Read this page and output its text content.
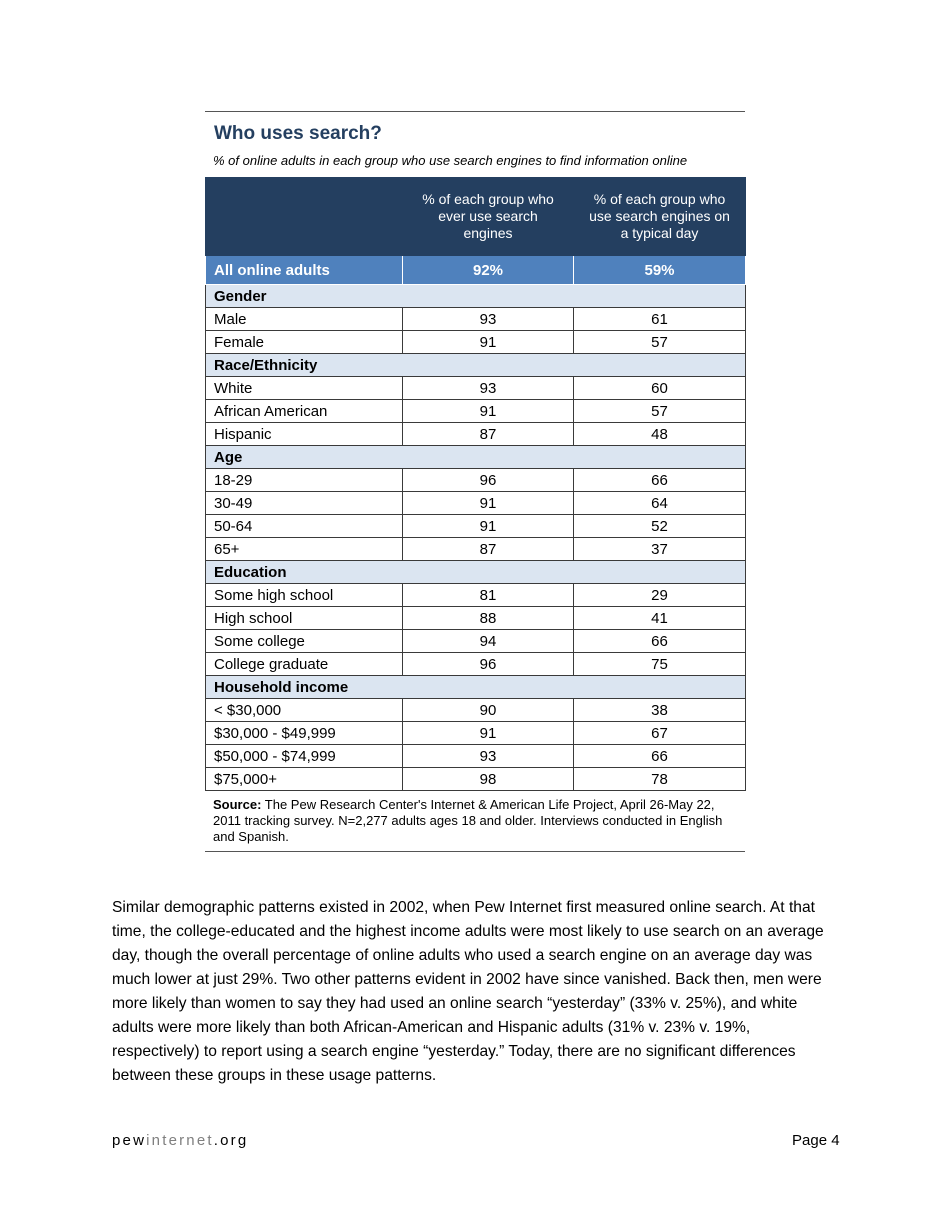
Who uses search?
% of online adults in each group who use search engines to find information online
	% of each group who ever use search engines	% of each group who use search engines on a typical day
All online adults	92%	59%
Gender		
Male	93	61
Female	91	57
Race/Ethnicity		
White	93	60
African American	91	57
Hispanic	87	48
Age		
18-29	96	66
30-49	91	64
50-64	91	52
65+	87	37
Education		
Some high school	81	29
High school	88	41
Some college	94	66
College graduate	96	75
Household income		
< $30,000	90	38
$30,000 - $49,999	91	67
$50,000 - $74,999	93	66
$75,000+	98	78
Source: The Pew Research Center's Internet & American Life Project, April 26-May 22, 2011 tracking survey. N=2,277 adults ages 18 and older. Interviews conducted in English and Spanish.
Similar demographic patterns existed in 2002, when Pew Internet first measured online search. At that time, the college-educated and the highest income adults were most likely to use search on an average day, though the overall percentage of online adults who used a search engine on an average day was much lower at just 29%. Two other patterns evident in 2002 have since vanished. Back then, men were more likely than women to say they had used an online search “yesterday” (33% v. 25%), and white adults were more likely than both African-American and Hispanic adults (31% v. 23% v. 19%, respectively) to report using a search engine “yesterday.” Today, there are no significant differences between these groups in these usage patterns.
pewinternet.org	Page 4
